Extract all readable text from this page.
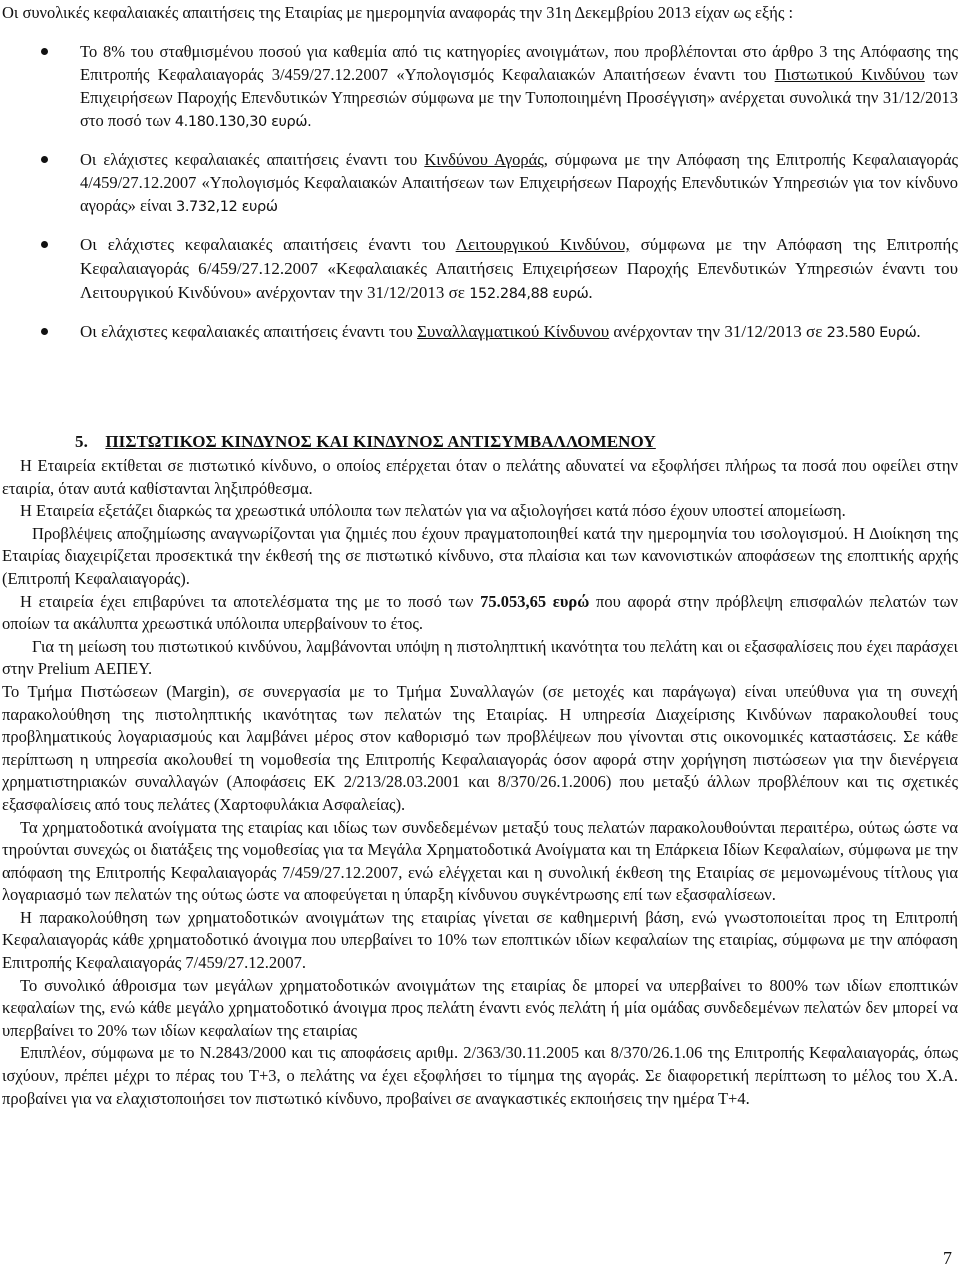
Οι συνολικές κεφαλαιακές απαιτήσεις της Εταιρίας με ημερομηνία αναφοράς την 31η Δεκεμβρίου 2013 είχαν ως εξής :

Το 8% του σταθμισμένου ποσού για καθεμία από τις κατηγορίες ανοιγμάτων, που προβλέπονται στο άρθρο 3 της Απόφασης της Επιτροπής Κεφαλαιαγοράς 3/459/27.12.2007 «Υπολογισμός Κεφαλαιακών Απαιτήσεων έναντι του Πιστωτικού Κινδύνου των Επιχειρήσεων Παροχής Επενδυτικών Υπηρεσιών σύμφωνα με την Τυποποιημένη Προσέγγιση» ανέρχεται συνολικά την 31/12/2013 στο ποσό των 4.180.130,30 ευρώ.
Οι ελάχιστες κεφαλαιακές απαιτήσεις έναντι του Κινδύνου Αγοράς, σύμφωνα με την Απόφαση της Επιτροπής Κεφαλαιαγοράς 4/459/27.12.2007 «Υπολογισμός Κεφαλαιακών Απαιτήσεων των Επιχειρήσεων Παροχής Επενδυτικών Υπηρεσιών για τον κίνδυνο αγοράς» είναι 3.732,12 ευρώ
Οι ελάχιστες κεφαλαιακές απαιτήσεις έναντι του Λειτουργικού Κινδύνου, σύμφωνα με την Απόφαση της Επιτροπής Κεφαλαιαγοράς 6/459/27.12.2007 «Κεφαλαιακές Απαιτήσεις Επιχειρήσεων Παροχής Επενδυτικών Υπηρεσιών έναντι του Λειτουργικού Κινδύνου» ανέρχονταν την 31/12/2013 σε 152.284,88 ευρώ.
Οι ελάχιστες κεφαλαιακές απαιτήσεις έναντι του Συναλλαγματικού Κίνδυνου ανέρχονταν την 31/12/2013 σε 23.580 Ευρώ.
5. ΠΙΣΤΩΤΙΚΟΣ ΚΙΝΔΥΝΟΣ ΚΑΙ ΚΙΝΔΥΝΟΣ ΑΝΤΙΣΥΜΒΑΛΛΟΜΕΝΟΥ

Η Εταιρεία εκτίθεται σε πιστωτικό κίνδυνο, ο οποίος επέρχεται όταν ο πελάτης αδυνατεί να εξοφλήσει πλήρως τα ποσά που οφείλει στην εταιρία, όταν αυτά καθίστανται ληξιπρόθεσμα.

Η Εταιρεία εξετάζει διαρκώς τα χρεωστικά υπόλοιπα των πελατών για να αξιολογήσει κατά πόσο έχουν υποστεί απομείωση.

Προβλέψεις αποζημίωσης αναγνωρίζονται για ζημιές που έχουν πραγματοποιηθεί κατά την ημερομηνία του ισολογισμού. Η Διοίκηση της Εταιρίας διαχειρίζεται προσεκτικά την έκθεσή της σε πιστωτικό κίνδυνο, στα πλαίσια και των κανονιστικών αποφάσεων της εποπτικής αρχής (Επιτροπή Κεφαλαιαγοράς).

Η εταιρεία έχει επιβαρύνει τα αποτελέσματα της με το ποσό των 75.053,65 ευρώ που αφορά στην πρόβλεψη επισφαλών πελατών των οποίων τα ακάλυπτα χρεωστικά υπόλοιπα υπερβαίνουν το έτος.

Για τη μείωση του πιστωτικού κινδύνου, λαμβάνονται υπόψη η πιστοληπτική ικανότητα του πελάτη και οι εξασφαλίσεις που έχει παράσχει στην Prelium ΑΕΠΕΥ.

Το Τμήμα Πιστώσεων (Margin), σε συνεργασία με το Τμήμα Συναλλαγών (σε μετοχές και παράγωγα) είναι υπεύθυνα για τη συνεχή παρακολούθηση της πιστοληπτικής ικανότητας των πελατών της Εταιρίας. Η υπηρεσία Διαχείρισης Κινδύνων παρακολουθεί τους προβληματικούς λογαριασμούς και λαμβάνει μέρος στον καθορισμό των προβλέψεων που γίνονται στις οικονομικές καταστάσεις. Σε κάθε περίπτωση η υπηρεσία ακολουθεί τη νομοθεσία της Επιτροπής Κεφαλαιαγοράς όσον αφορά στην χορήγηση πιστώσεων για την διενέργεια χρηματιστηριακών συναλλαγών (Αποφάσεις ΕΚ 2/213/28.03.2001 και 8/370/26.1.2006) που μεταξύ άλλων προβλέπουν και τις σχετικές εξασφαλίσεις από τους πελάτες (Χαρτοφυλάκια Ασφαλείας).

Τα χρηματοδοτικά ανοίγματα της εταιρίας και ιδίως των συνδεδεμένων μεταξύ τους πελατών παρακολουθούνται περαιτέρω, ούτως ώστε να τηρούνται συνεχώς οι διατάξεις της νομοθεσίας για τα Μεγάλα Χρηματοδοτικά Ανοίγματα και τη Επάρκεια Ιδίων Κεφαλαίων, σύμφωνα με την απόφαση της Επιτροπής Κεφαλαιαγοράς 7/459/27.12.2007, ενώ ελέγχεται και η συνολική έκθεση της Εταιρίας σε μεμονωμένους τίτλους για λογαριασμό των πελατών της ούτως ώστε να αποφεύγεται η ύπαρξη κίνδυνου συγκέντρωσης επί των εξασφαλίσεων.

Η παρακολούθηση των χρηματοδοτικών ανοιγμάτων της εταιρίας γίνεται σε καθημερινή βάση, ενώ γνωστοποιείται προς τη Επιτροπή Κεφαλαιαγοράς κάθε χρηματοδοτικό άνοιγμα που υπερβαίνει το 10% των εποπτικών ιδίων κεφαλαίων της εταιρίας, σύμφωνα με την απόφαση Επιτροπής Κεφαλαιαγοράς 7/459/27.12.2007.

Το συνολικό άθροισμα των μεγάλων χρηματοδοτικών ανοιγμάτων της εταιρίας δε μπορεί να υπερβαίνει το 800% των ιδίων εποπτικών κεφαλαίων της, ενώ κάθε μεγάλο χρηματοδοτικό άνοιγμα προς πελάτη έναντι ενός πελάτη ή μία ομάδας συνδεδεμένων πελατών δεν μπορεί να υπερβαίνει το 20% των ιδίων κεφαλαίων της εταιρίας

Επιπλέον, σύμφωνα με το Ν.2843/2000 και τις αποφάσεις αριθμ. 2/363/30.11.2005 και 8/370/26.1.06 της Επιτροπής Κεφαλαιαγοράς, όπως ισχύουν, πρέπει μέχρι το πέρας του Τ+3, ο πελάτης να έχει εξοφλήσει το τίμημα της αγοράς. Σε διαφορετική περίπτωση το μέλος του Χ.Α. προβαίνει για να ελαχιστοποιήσει τον πιστωτικό κίνδυνο, προβαίνει σε αναγκαστικές εκποιήσεις την ημέρα Τ+4.

7
